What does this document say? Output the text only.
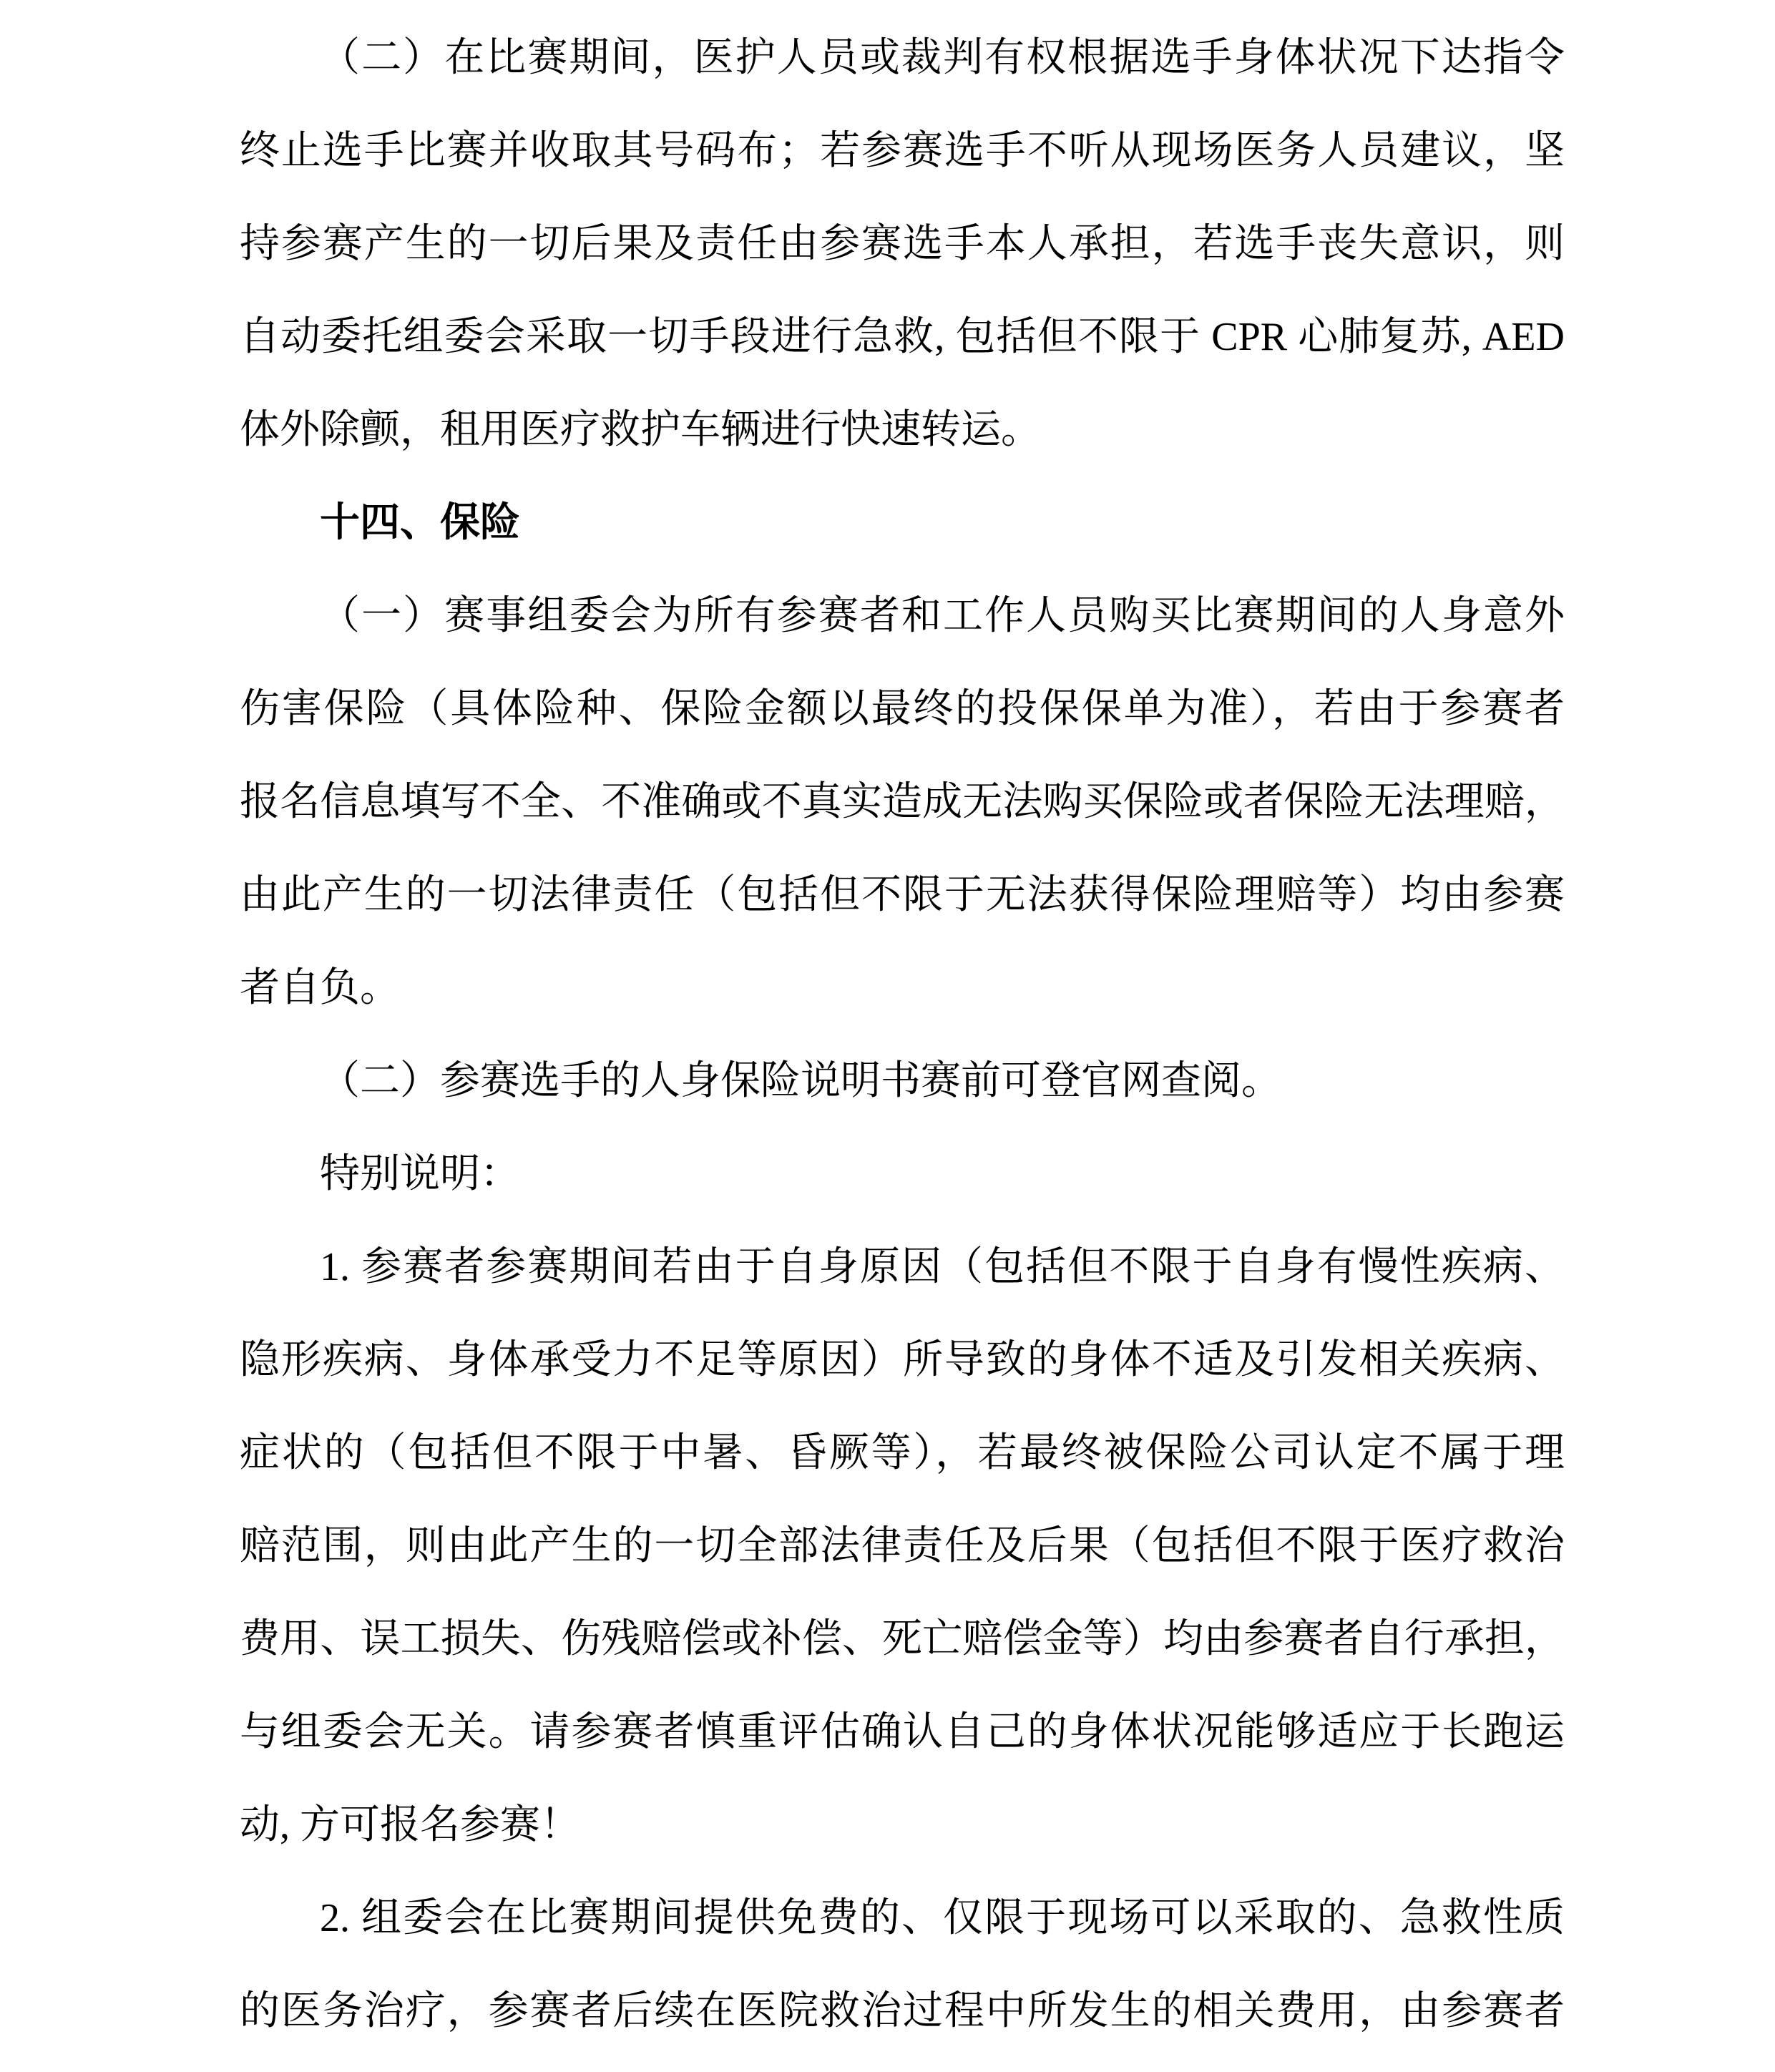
（二）在比赛期间，医护人员或裁判有权根据选手身体状况下达指令

终止选手比赛并收取其号码布；若参赛选手不听从现场医务人员建议，坚

持参赛产生的一切后果及责任由参赛选手本人承担，若选手丧失意识，则

自动委托组委会采取一切手段进行急救, 包括但不限于 CPR 心肺复苏, AED

体外除颤，租用医疗救护车辆进行快速转运。

十四、保险

（一）赛事组委会为所有参赛者和工作人员购买比赛期间的人身意外

伤害保险（具体险种、保险金额以最终的投保保单为准），若由于参赛者

报名信息填写不全、不准确或不真实造成无法购买保险或者保险无法理赔，

由此产生的一切法律责任（包括但不限于无法获得保险理赔等）均由参赛

者自负。

（二）参赛选手的人身保险说明书赛前可登官网查阅。

特别说明：

1. 参赛者参赛期间若由于自身原因（包括但不限于自身有慢性疾病、

隐形疾病、身体承受力不足等原因）所导致的身体不适及引发相关疾病、

症状的（包括但不限于中暑、昏厥等），若最终被保险公司认定不属于理

赔范围，则由此产生的一切全部法律责任及后果（包括但不限于医疗救治

费用、误工损失、伤残赔偿或补偿、死亡赔偿金等）均由参赛者自行承担，

与组委会无关。请参赛者慎重评估确认自己的身体状况能够适应于长跑运

动, 方可报名参赛！

2. 组委会在比赛期间提供免费的、仅限于现场可以采取的、急救性质

的医务治疗，参赛者后续在医院救治过程中所发生的相关费用，由参赛者
